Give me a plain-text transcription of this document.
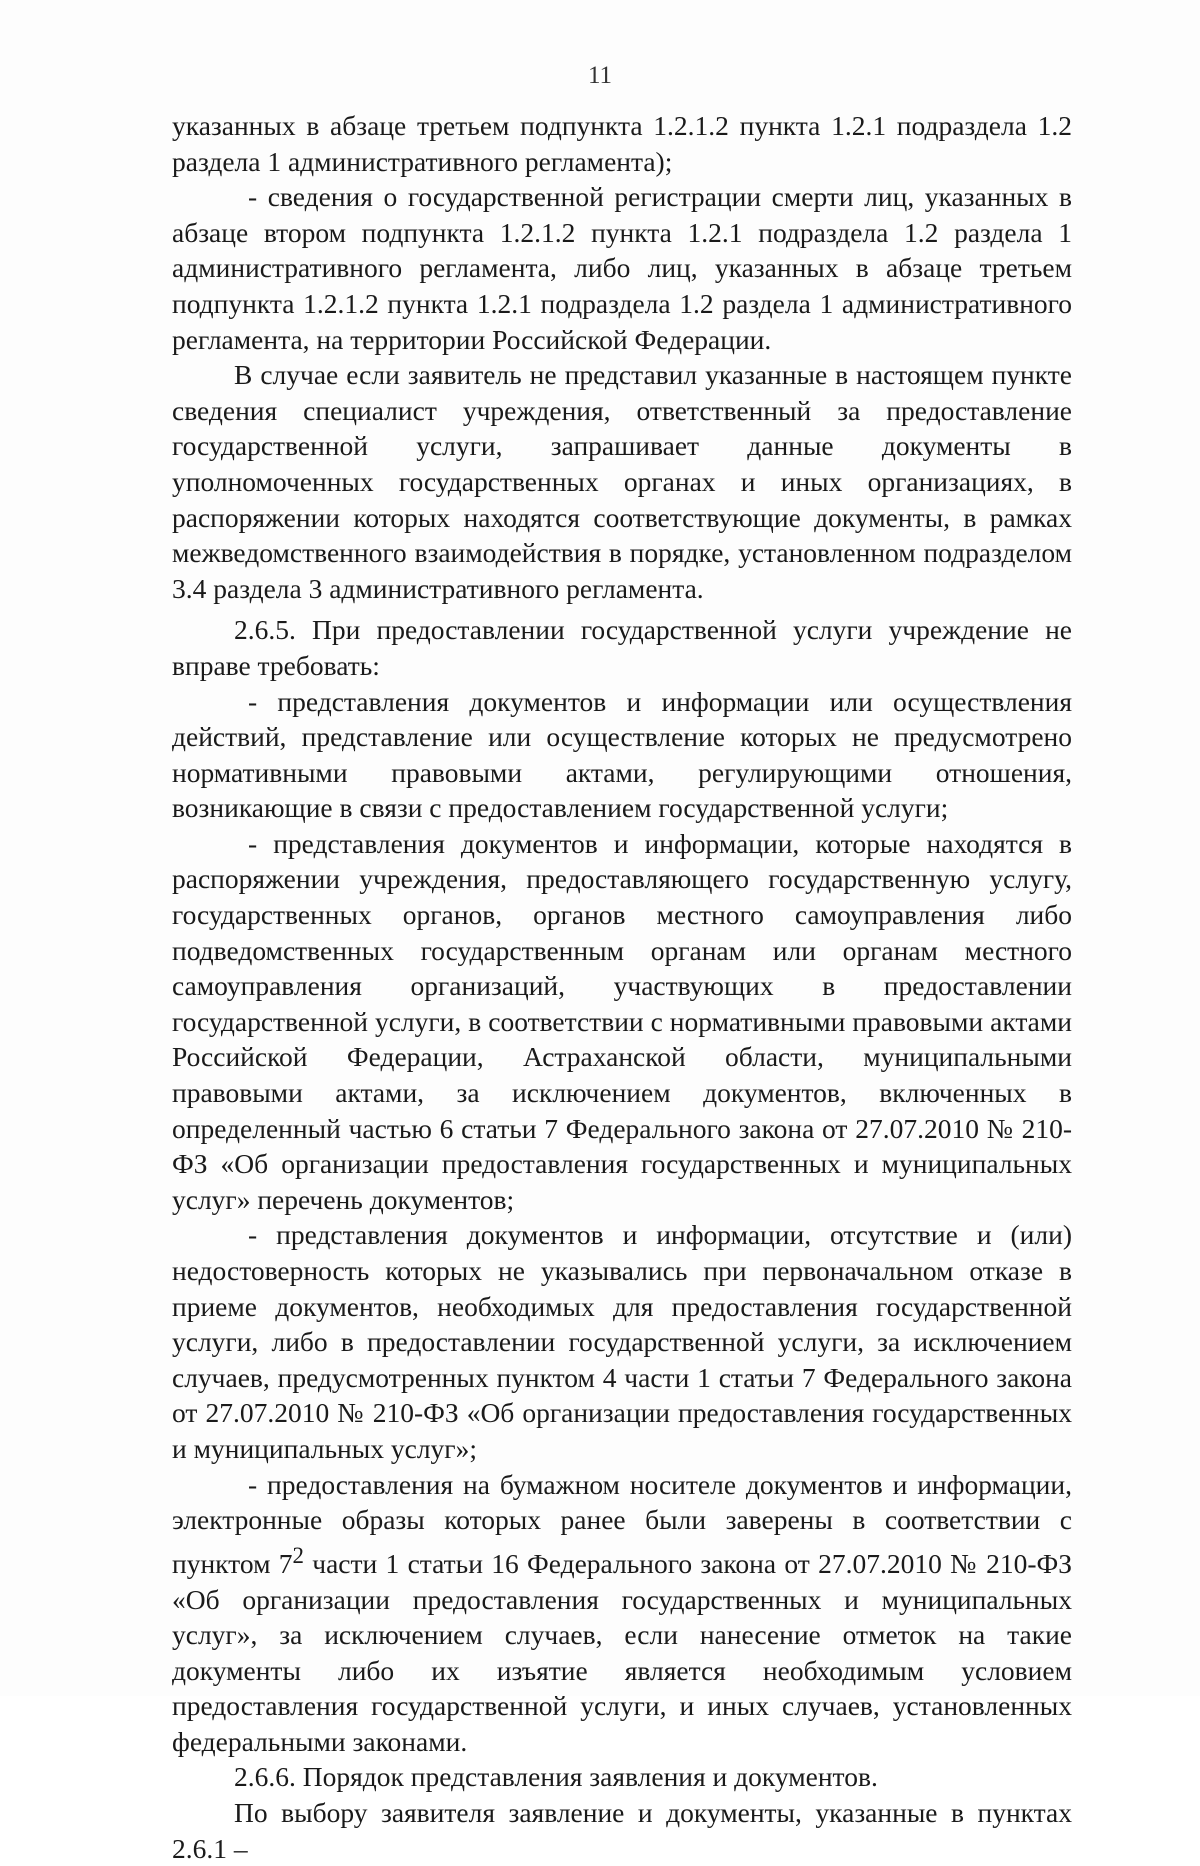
11

указанных в абзаце третьем подпункта 1.2.1.2 пункта 1.2.1 подраздела 1.2 раздела 1 административного регламента);

- сведения о государственной регистрации смерти лиц, указанных в абзаце втором подпункта 1.2.1.2 пункта 1.2.1 подраздела 1.2 раздела 1 административного регламента, либо лиц, указанных в абзаце третьем подпункта 1.2.1.2 пункта 1.2.1 подраздела 1.2 раздела 1 административного регламента, на территории Российской Федерации.

В случае если заявитель не представил указанные в настоящем пункте сведения специалист учреждения, ответственный за предоставление государственной услуги, запрашивает данные документы в уполномоченных государственных органах и иных организациях, в распоряжении которых находятся соответствующие документы, в рамках межведомственного взаимодействия в порядке, установленном подразделом 3.4 раздела 3 административного регламента.

2.6.5. При предоставлении государственной услуги учреждение не вправе требовать:

- представления документов и информации или осуществления действий, представление или осуществление которых не предусмотрено нормативными правовыми актами, регулирующими отношения, возникающие в связи с предоставлением государственной услуги;

- представления документов и информации, которые находятся в распоряжении учреждения, предоставляющего государственную услугу, государственных органов, органов местного самоуправления либо подведомственных государственным органам или органам местного самоуправления организаций, участвующих в предоставлении государственной услуги, в соответствии с нормативными правовыми актами Российской Федерации, Астраханской области, муниципальными правовыми актами, за исключением документов, включенных в определенный частью 6 статьи 7 Федерального закона от 27.07.2010 № 210-ФЗ «Об организации предоставления государственных и муниципальных услуг» перечень документов;

- представления документов и информации, отсутствие и (или) недостоверность которых не указывались при первоначальном отказе в приеме документов, необходимых для предоставления государственной услуги, либо в предоставлении государственной услуги, за исключением случаев, предусмотренных пунктом 4 части 1 статьи 7 Федерального закона от 27.07.2010 № 210-ФЗ «Об организации предоставления государственных и муниципальных услуг»;

- предоставления на бумажном носителе документов и информации, электронные образы которых ранее были заверены в соответствии с пунктом $7^2$ части 1 статьи 16 Федерального закона от 27.07.2010 № 210-ФЗ «Об организации предоставления государственных и муниципальных услуг», за исключением случаев, если нанесение отметок на такие документы либо их изъятие является необходимым условием предоставления государственной услуги, и иных случаев, установленных федеральными законами.

2.6.6. Порядок представления заявления и документов.

По выбору заявителя заявление и документы, указанные в пунктах 2.6.1 –
